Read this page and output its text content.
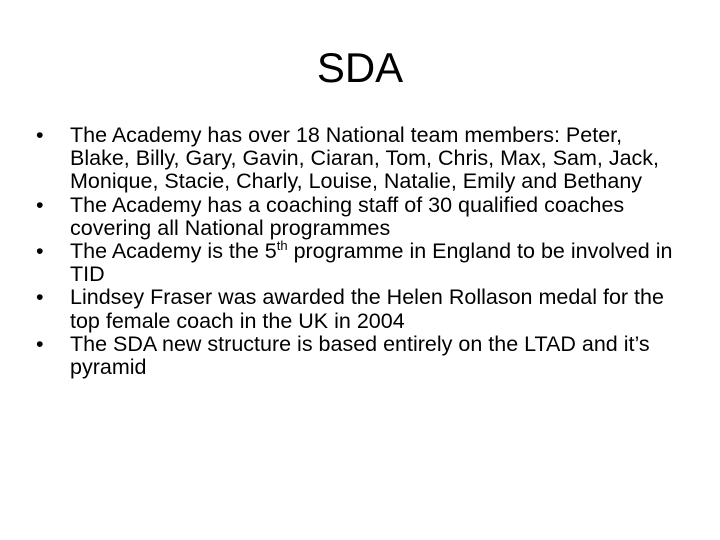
SDA
•	The Academy has over 18 National team members: Peter, Blake, Billy, Gary, Gavin, Ciaran, Tom, Chris, Max, Sam, Jack, Monique, Stacie, Charly, Louise, Natalie, Emily and Bethany
•	The Academy has a coaching staff of 30 qualified coaches covering all National programmes
•	The Academy is the 5th programme in England to be involved in TID
•	Lindsey Fraser was awarded the Helen Rollason medal for the top female coach in the UK in 2004
•	The SDA new structure is based entirely on the LTAD and it’s pyramid
